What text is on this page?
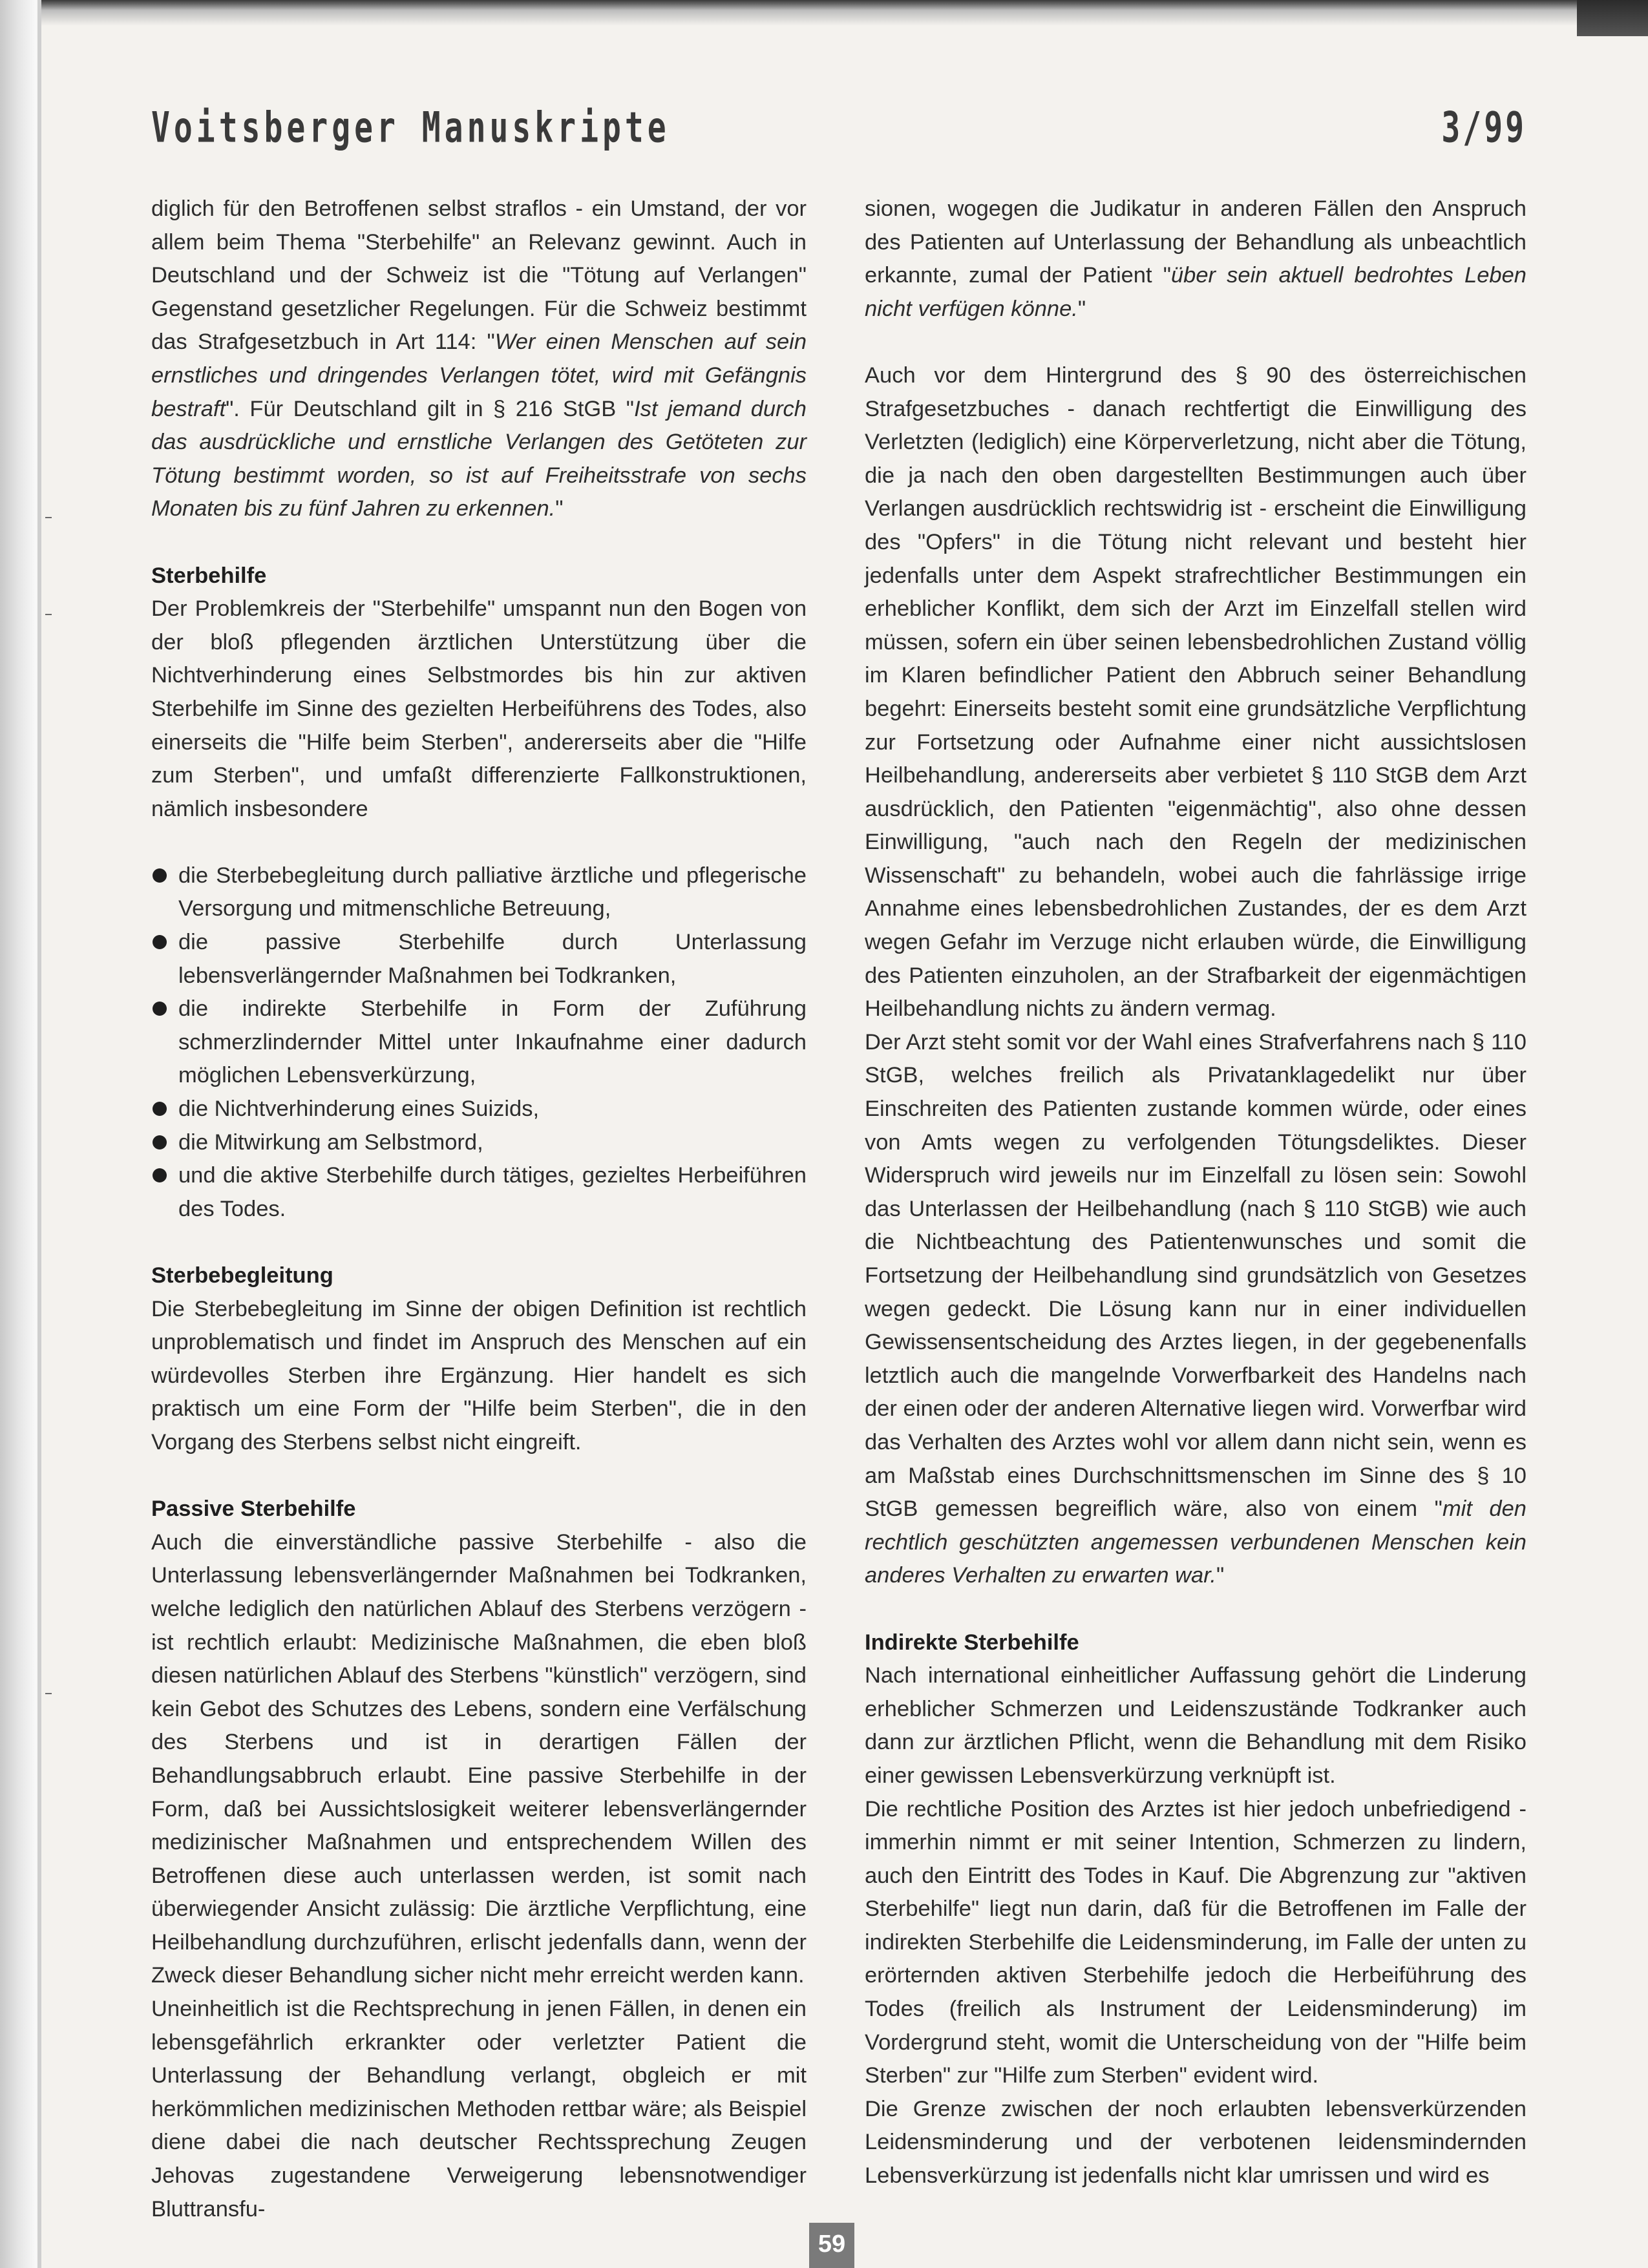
Voitsberger Manuskripte	3/99

diglich für den Betroffenen selbst straflos - ein Umstand, der vor allem beim Thema "Sterbehilfe" an Relevanz gewinnt. Auch in Deutschland und der Schweiz ist die "Tötung auf Verlangen" Gegenstand gesetzlicher Regelungen. Für die Schweiz bestimmt das Strafgesetzbuch in Art 114: "Wer einen Menschen auf sein ernstliches und dringendes Verlangen tötet, wird mit Gefängnis bestraft". Für Deutschland gilt in § 216 StGB "Ist jemand durch das ausdrückliche und ernstliche Verlangen des Getöteten zur Tötung bestimmt worden, so ist auf Freiheitsstrafe von sechs Monaten bis zu fünf Jahren zu erkennen."

Sterbehilfe

Der Problemkreis der "Sterbehilfe" umspannt nun den Bogen von der bloß pflegenden ärztlichen Unterstützung über die Nichtverhinderung eines Selbstmordes bis hin zur aktiven Sterbehilfe im Sinne des gezielten Herbeiführens des Todes, also einerseits die "Hilfe beim Sterben", andererseits aber die "Hilfe zum Sterben", und umfaßt differenzierte Fallkonstruktionen, nämlich insbesondere

die Sterbebegleitung durch palliative ärztliche und pflegerische Versorgung und mitmenschliche Betreuung,
die passive Sterbehilfe durch Unterlassung lebensverlängernder Maßnahmen bei Todkranken,
die indirekte Sterbehilfe in Form der Zuführung schmerzlindernder Mittel unter Inkaufnahme einer dadurch möglichen Lebensverkürzung,
die Nichtverhinderung eines Suizids,
die Mitwirkung am Selbstmord,
und die aktive Sterbehilfe durch tätiges, gezieltes Herbeiführen des Todes.
Sterbebegleitung

Die Sterbebegleitung im Sinne der obigen Definition ist rechtlich unproblematisch und findet im Anspruch des Menschen auf ein würdevolles Sterben ihre Ergänzung. Hier handelt es sich praktisch um eine Form der "Hilfe beim Sterben", die in den Vorgang des Sterbens selbst nicht eingreift.

Passive Sterbehilfe

Auch die einverständliche passive Sterbehilfe - also die Unterlassung lebensverlängernder Maßnahmen bei Todkranken, welche lediglich den natürlichen Ablauf des Sterbens verzögern - ist rechtlich erlaubt: Medizinische Maßnahmen, die eben bloß diesen natürlichen Ablauf des Sterbens "künstlich" verzögern, sind kein Gebot des Schutzes des Lebens, sondern eine Verfälschung des Sterbens und ist in derartigen Fällen der Behandlungsabbruch erlaubt. Eine passive Sterbehilfe in der Form, daß bei Aussichtslosigkeit weiterer lebensverlängernder medizinischer Maßnahmen und entsprechendem Willen des Betroffenen diese auch unterlassen werden, ist somit nach überwiegender Ansicht zulässig: Die ärztliche Verpflichtung, eine Heilbehandlung durchzuführen, erlischt jedenfalls dann, wenn der Zweck dieser Behandlung sicher nicht mehr erreicht werden kann.

Uneinheitlich ist die Rechtsprechung in jenen Fällen, in denen ein lebensgefährlich erkrankter oder verletzter Patient die Unterlassung der Behandlung verlangt, obgleich er mit herkömmlichen medizinischen Methoden rettbar wäre; als Beispiel diene dabei die nach deutscher Rechtssprechung Zeugen Jehovas zugestandene Verweigerung lebensnotwendiger Bluttransfu-

sionen, wogegen die Judikatur in anderen Fällen den Anspruch des Patienten auf Unterlassung der Behandlung als unbeachtlich erkannte, zumal der Patient "über sein aktuell bedrohtes Leben nicht verfügen könne."

Auch vor dem Hintergrund des § 90 des österreichischen Strafgesetzbuches - danach rechtfertigt die Einwilligung des Verletzten (lediglich) eine Körperverletzung, nicht aber die Tötung, die ja nach den oben dargestellten Bestimmungen auch über Verlangen ausdrücklich rechtswidrig ist - erscheint die Einwilligung des "Opfers" in die Tötung nicht relevant und besteht hier jedenfalls unter dem Aspekt strafrechtlicher Bestimmungen ein erheblicher Konflikt, dem sich der Arzt im Einzelfall stellen wird müssen, sofern ein über seinen lebensbedrohlichen Zustand völlig im Klaren befindlicher Patient den Abbruch seiner Behandlung begehrt: Einerseits besteht somit eine grundsätzliche Verpflichtung zur Fortsetzung oder Aufnahme einer nicht aussichtslosen Heilbehandlung, andererseits aber verbietet § 110 StGB dem Arzt ausdrücklich, den Patienten "eigenmächtig", also ohne dessen Einwilligung, "auch nach den Regeln der medizinischen Wissenschaft" zu behandeln, wobei auch die fahrlässige irrige Annahme eines lebensbedrohlichen Zustandes, der es dem Arzt wegen Gefahr im Verzuge nicht erlauben würde, die Einwilligung des Patienten einzuholen, an der Strafbarkeit der eigenmächtigen Heilbehandlung nichts zu ändern vermag.

Der Arzt steht somit vor der Wahl eines Strafverfahrens nach § 110 StGB, welches freilich als Privatanklagedelikt nur über Einschreiten des Patienten zustande kommen würde, oder eines von Amts wegen zu verfolgenden Tötungsdeliktes. Dieser Widerspruch wird jeweils nur im Einzelfall zu lösen sein: Sowohl das Unterlassen der Heilbehandlung (nach § 110 StGB) wie auch die Nichtbeachtung des Patientenwunsches und somit die Fortsetzung der Heilbehandlung sind grundsätzlich von Gesetzes wegen gedeckt. Die Lösung kann nur in einer individuellen Gewissensentscheidung des Arztes liegen, in der gegebenenfalls letztlich auch die mangelnde Vorwerfbarkeit des Handelns nach der einen oder der anderen Alternative liegen wird. Vorwerfbar wird das Verhalten des Arztes wohl vor allem dann nicht sein, wenn es am Maßstab eines Durchschnittsmenschen im Sinne des § 10 StGB gemessen begreiflich wäre, also von einem "mit den rechtlich geschützten angemessen verbundenen Menschen kein anderes Verhalten zu erwarten war."

Indirekte Sterbehilfe

Nach international einheitlicher Auffassung gehört die Linderung erheblicher Schmerzen und Leidenszustände Todkranker auch dann zur ärztlichen Pflicht, wenn die Behandlung mit dem Risiko einer gewissen Lebensverkürzung verknüpft ist.

Die rechtliche Position des Arztes ist hier jedoch unbefriedigend - immerhin nimmt er mit seiner Intention, Schmerzen zu lindern, auch den Eintritt des Todes in Kauf. Die Abgrenzung zur "aktiven Sterbehilfe" liegt nun darin, daß für die Betroffenen im Falle der indirekten Sterbehilfe die Leidensminderung, im Falle der unten zu erörternden aktiven Sterbehilfe jedoch die Herbeiführung des Todes (freilich als Instrument der Leidensminderung) im Vordergrund steht, womit die Unterscheidung von der "Hilfe beim Sterben" zur "Hilfe zum Sterben" evident wird.

Die Grenze zwischen der noch erlaubten lebensverkürzenden Leidensminderung und der verbotenen leidensmindernden Lebensverkürzung ist jedenfalls nicht klar umrissen und wird es

59
